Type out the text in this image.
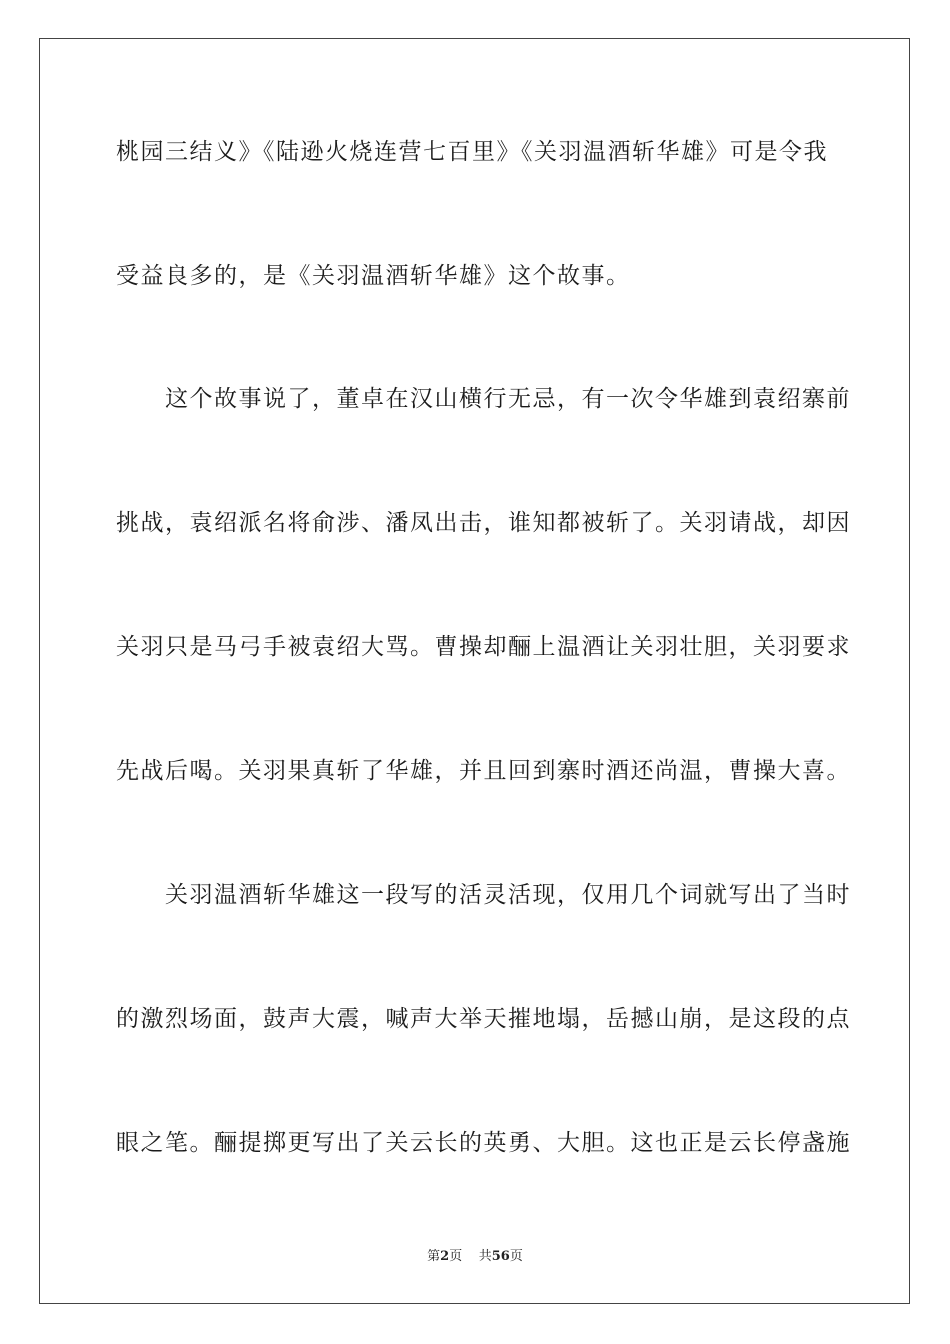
桃园三结义》《陆逊火烧连营七百里》《关羽温酒斩华雄》可是令我
受益良多的，是《关羽温酒斩华雄》这个故事。
这个故事说了，董卓在汉山横行无忌，有一次令华雄到袁绍寨前
挑战，袁绍派名将俞涉、潘凤出击，谁知都被斩了。关羽请战，却因
关羽只是马弓手被袁绍大骂。曹操却酾上温酒让关羽壮胆，关羽要求
先战后喝。关羽果真斩了华雄，并且回到寨时酒还尚温，曹操大喜。
关羽温酒斩华雄这一段写的活灵活现，仅用几个词就写出了当时
的激烈场面，鼓声大震，喊声大举天摧地塌，岳撼山崩，是这段的点
眼之笔。酾提掷更写出了关云长的英勇、大胆。这也正是云长停盏施
第2页 共56页
